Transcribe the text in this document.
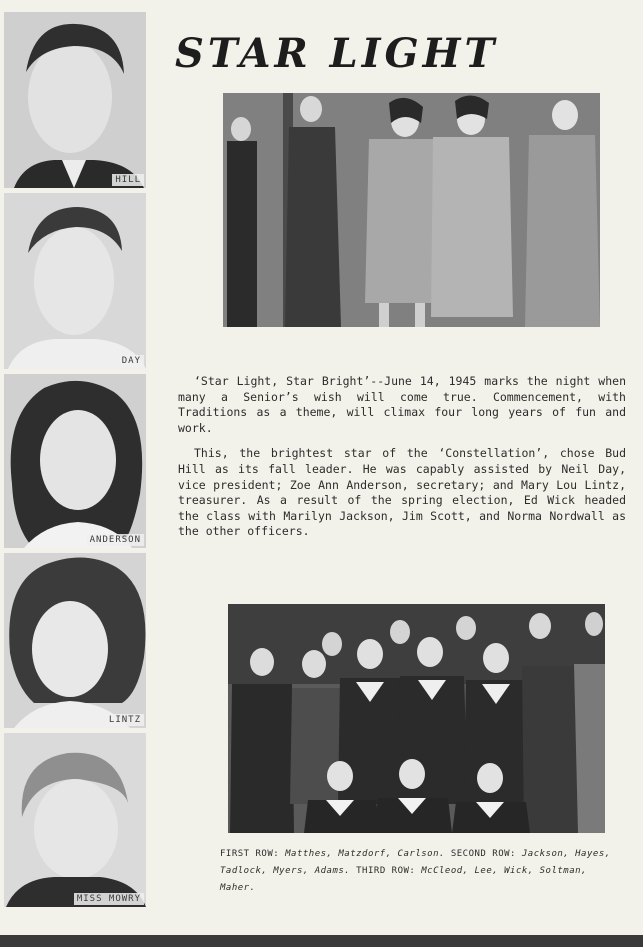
HILL
DAY
ANDERSON
LINTZ
MISS MOWRY
STAR LIGHT

‘Star Light, Star Bright’--June 14, 1945 marks the night when many a Senior’s wish will come true. Commencement, with Traditions as a theme, will climax four long years of fun and work.

This, the brightest star of the ‘Constellation’, chose Bud Hill as its fall leader. He was capably assisted by Neil Day, vice president; Zoe Ann Anderson, secretary; and Mary Lou Lintz, treasurer. As a result of the spring election, Ed Wick headed the class with Marilyn Jackson, Jim Scott, and Norma Nordwall as the other officers.

FIRST ROW: Matthes, Matzdorf, Carlson. SECOND ROW: Jackson, Hayes, Tadlock, Myers, Adams. THIRD ROW: McCleod, Lee, Wick, Soltman, Maher.
